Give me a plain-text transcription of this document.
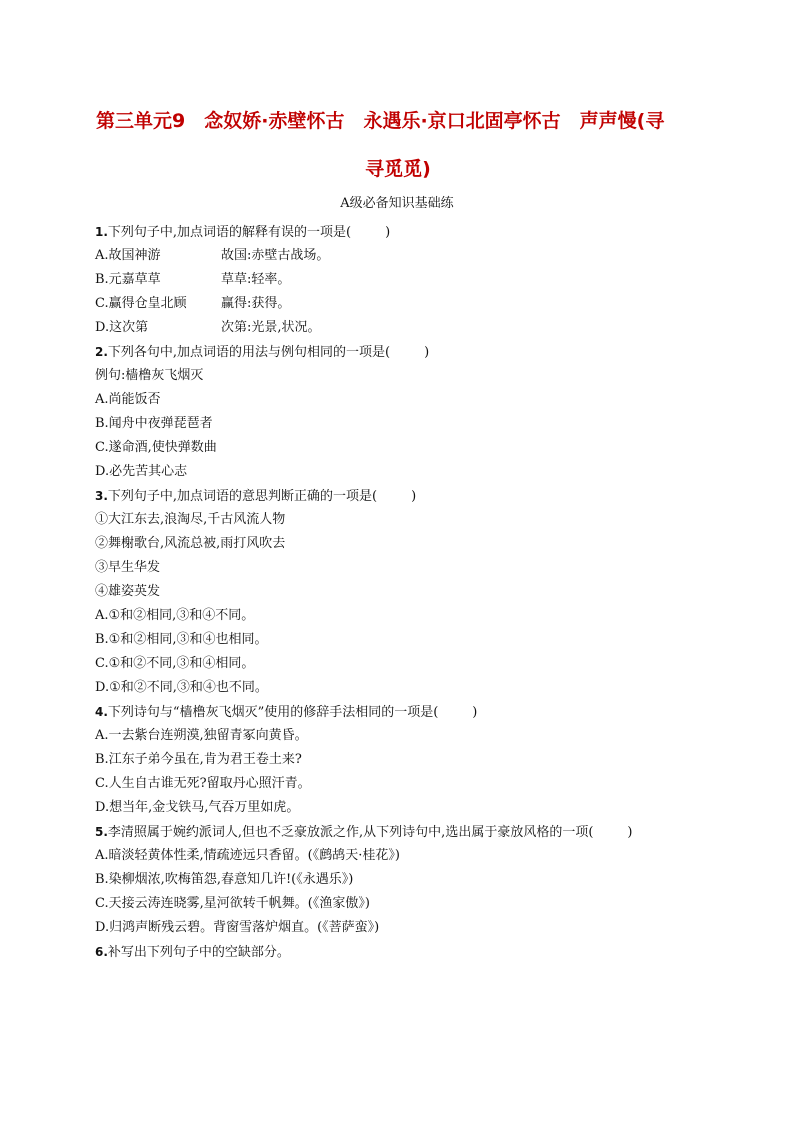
第三单元9　念奴娇·赤壁怀古　永遇乐·京口北固亭怀古　声声慢(寻
寻觅觅)
A级必备知识基础练
1.下列句子中,加点词语的解释有误的一项是(	)
A.故国神游	故国:赤壁古战场。
B.元嘉草草	草草:轻率。
C.赢得仓皇北顾	赢得:获得。
D.这次第	次第:光景,状况。
2.下列各句中,加点词语的用法与例句相同的一项是(	)
例句:樯橹灰飞烟灭
A.尚能饭否
B.闻舟中夜弹琵琶者
C.遂命酒,使快弹数曲
D.必先苦其心志
3.下列句子中,加点词语的意思判断正确的一项是(	)
①大江东去,浪淘尽,千古风流人物
②舞榭歌台,风流总被,雨打风吹去
③早生华发
④雄姿英发
A.①和②相同,③和④不同。
B.①和②相同,③和④也相同。
C.①和②不同,③和④相同。
D.①和②不同,③和④也不同。
4.下列诗句与“樯橹灰飞烟灭”使用的修辞手法相同的一项是(	)
A.一去紫台连朔漠,独留青冢向黄昏。
B.江东子弟今虽在,肯为君王卷土来?
C.人生自古谁无死?留取丹心照汗青。
D.想当年,金戈铁马,气吞万里如虎。
5.李清照属于婉约派词人,但也不乏豪放派之作,从下列诗句中,选出属于豪放风格的一项(	)
A.暗淡轻黄体性柔,情疏迹远只香留。(《鹧鸪天·桂花》)
B.染柳烟浓,吹梅笛怨,春意知几许!(《永遇乐》)
C.天接云涛连晓雾,星河欲转千帆舞。(《渔家傲》)
D.归鸿声断残云碧。背窗雪落炉烟直。(《菩萨蛮》)
6.补写出下列句子中的空缺部分。
